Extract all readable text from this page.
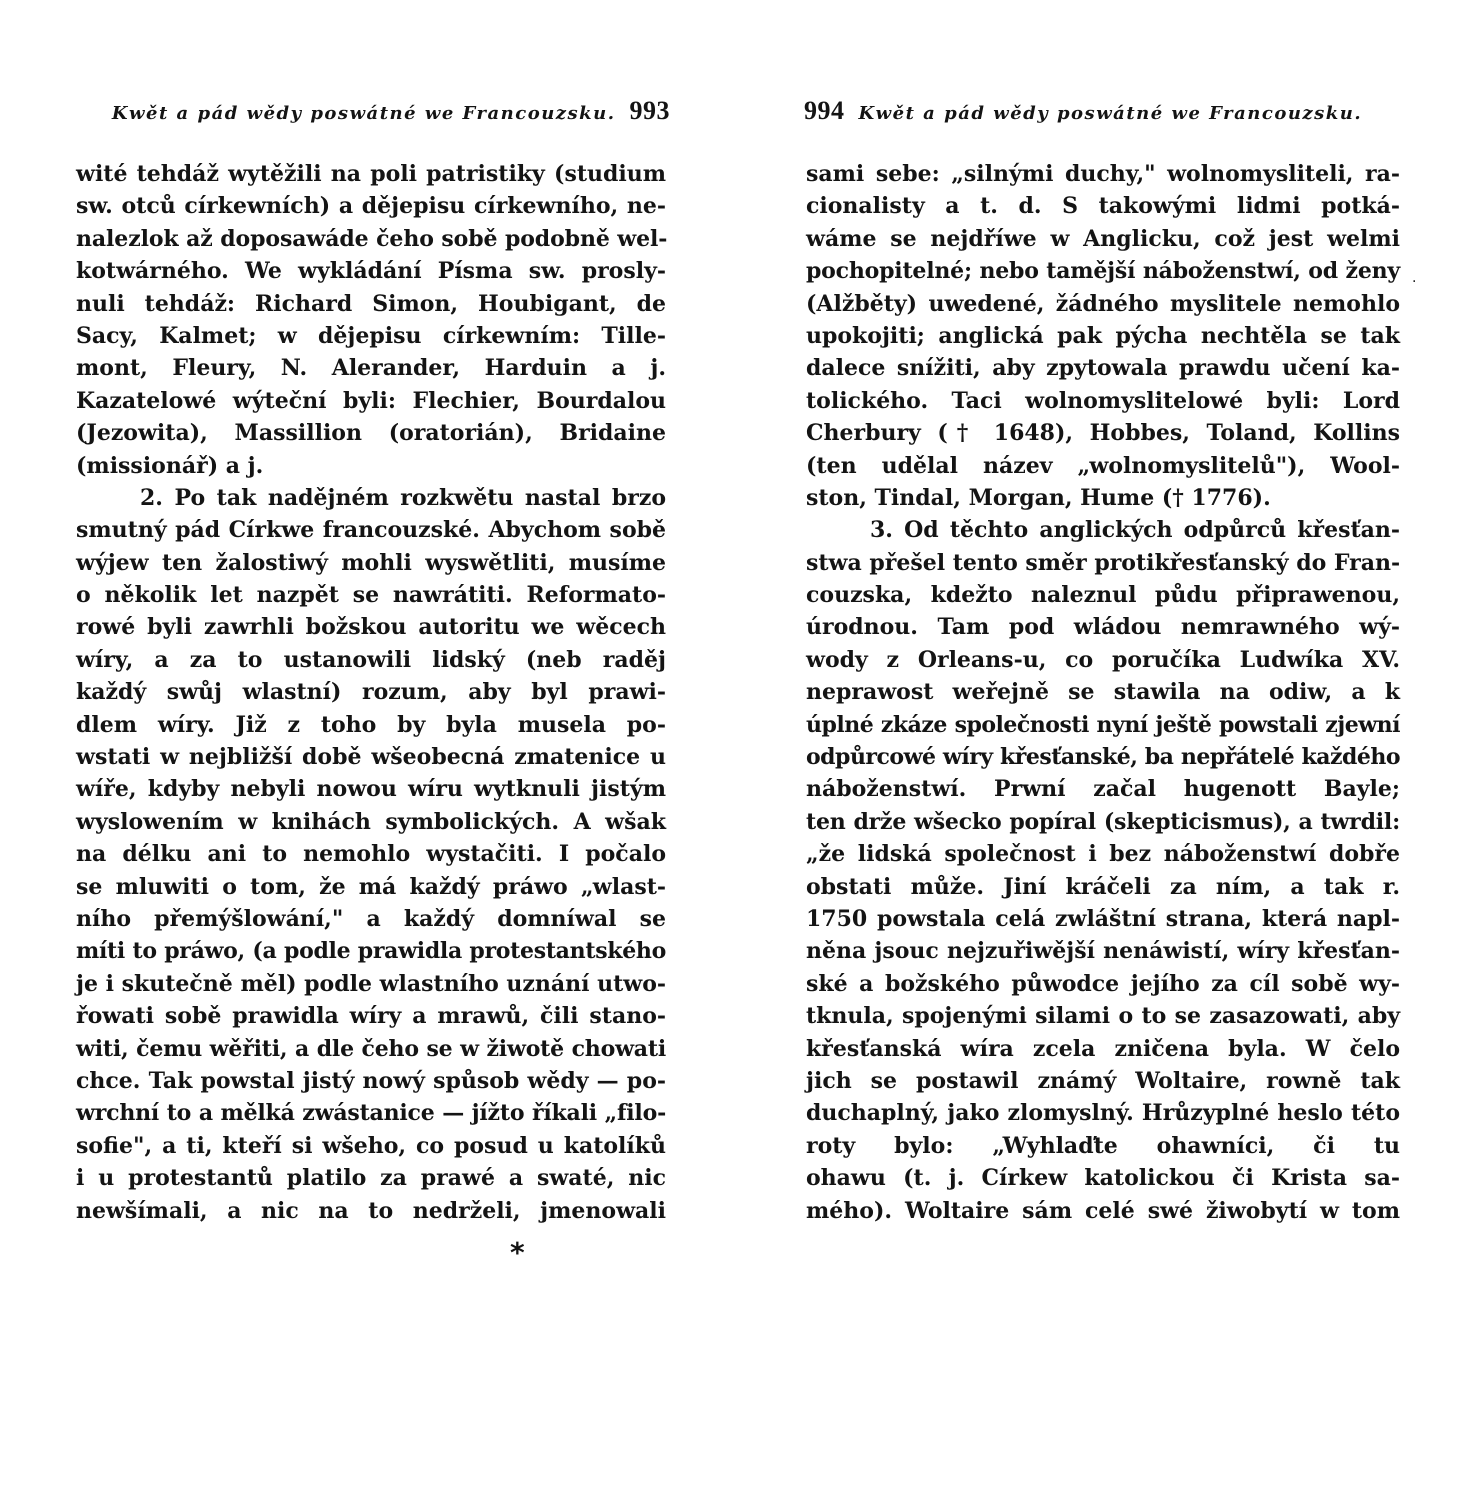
Kwět a pád wědy poswátné we Francouzsku. 993
wité tehdáž wytěžili na poli patristiky (studium
sw. otců církewních) a dějepisu církewního, ne-
nalezlok až doposawáde čeho sobě podobně wel-
kotwárného. We wykládání Písma sw. prosly-
nuli tehdáž: Richard Simon, Houbigant, de
Sacy, Kalmet; w dějepisu církewním: Tille-
mont, Fleury, N. Alerander, Harduin a j.
Kazatelowé wýteční byli: Flechier, Bourdalou
(Jezowita), Massillion (oratorián), Bridaine
(missionář) a j.
2. Po tak nadějném rozkwětu nastal brzo
smutný pád Církwe francouzské. Abychom sobě
wýjew ten žalostiwý mohli wyswětliti, musíme
o několik let nazpět se nawrátiti. Reformato-
rowé byli zawrhli božskou autoritu we wěcech
wíry, a za to ustanowili lidský (neb raděj
každý swůj wlastní) rozum, aby byl prawi-
dlem wíry. Již z toho by byla musela po-
wstati w nejbližší době wšeobecná zmatenice u
wíře, kdyby nebyli nowou wíru wytknuli jistým
wyslowením w knihách symbolických. A wšak
na délku ani to nemohlo wystačiti. I počalo
se mluwiti o tom, že má každý práwo „wlast-
ního přemýšlowání," a každý domníwal se
míti to práwo, (a podle prawidla protestantského
je i skutečně měl) podle wlastního uznání utwo-
řowati sobě prawidla wíry a mrawů, čili stano-
witi, čemu wěřiti, a dle čeho se w žiwotě chowati
chce. Tak powstal jistý nowý spůsob wědy — po-
wrchní to a mělká zwástanice — jížto říkali „filo-
sofie", a ti, kteří si wšeho, co posud u katolíků
i u protestantů platilo za prawé a swaté, nic
newšímali, a nic na to nedrželi, jmenowali
*
994 Kwět a pád wědy poswátné we Francouzsku.
sami sebe: „silnými duchy," wolnomysliteli, ra-
cionalisty a t. d. S takowými lidmi potká-
wáme se nejdříwe w Anglicku, což jest welmi
pochopitelné; nebo tamější náboženstwí, od ženy
(Alžběty) uwedené, žádného myslitele nemohlo
upokojiti; anglická pak pýcha nechtěla se tak
dalece snížiti, aby zpytowala prawdu učení ka-
tolického. Taci wolnomyslitelowé byli: Lord
Cherbury († 1648), Hobbes, Toland, Kollins
(ten udělal název „wolnomyslitelů"), Wool-
ston, Tindal, Morgan, Hume († 1776).
3. Od těchto anglických odpůrců křesťan-
stwa přešel tento směr protikřesťanský do Fran-
couzska, kdežto naleznul půdu připrawenou,
úrodnou. Tam pod wládou nemrawného wý-
wody z Orleans-u, co poručíka Ludwíka XV.
neprawost weřejně se stawila na odiw, a k
úplné zkáze společnosti nyní ještě powstali zjewní
odpůrcowé wíry křesťanské, ba nepřátelé každého
náboženstwí. Prwní začal hugenott Bayle;
ten drže wšecko popíral (skepticismus), a twrdil:
„že lidská společnost i bez náboženstwí dobře
obstati může. Jiní kráčeli za ním, a tak r.
1750 powstala celá zwláštní strana, která napl-
něna jsouc nejzuřiwější nenáwistí, wíry křesťan-
ské a božského půwodce jejího za cíl sobě wy-
tknula, spojenými silami o to se zasazowati, aby
křesťanská wíra zcela zničena byla. W čelo
jich se postawil známý Woltaire, rowně tak
duchaplný, jako zlomyslný. Hrůzyplné heslo této
roty bylo: „Wyhlaďte ohawníci, či tu
ohawu (t. j. Církew katolickou či Krista sa-
mého). Woltaire sám celé swé žiwobytí w tom
.
